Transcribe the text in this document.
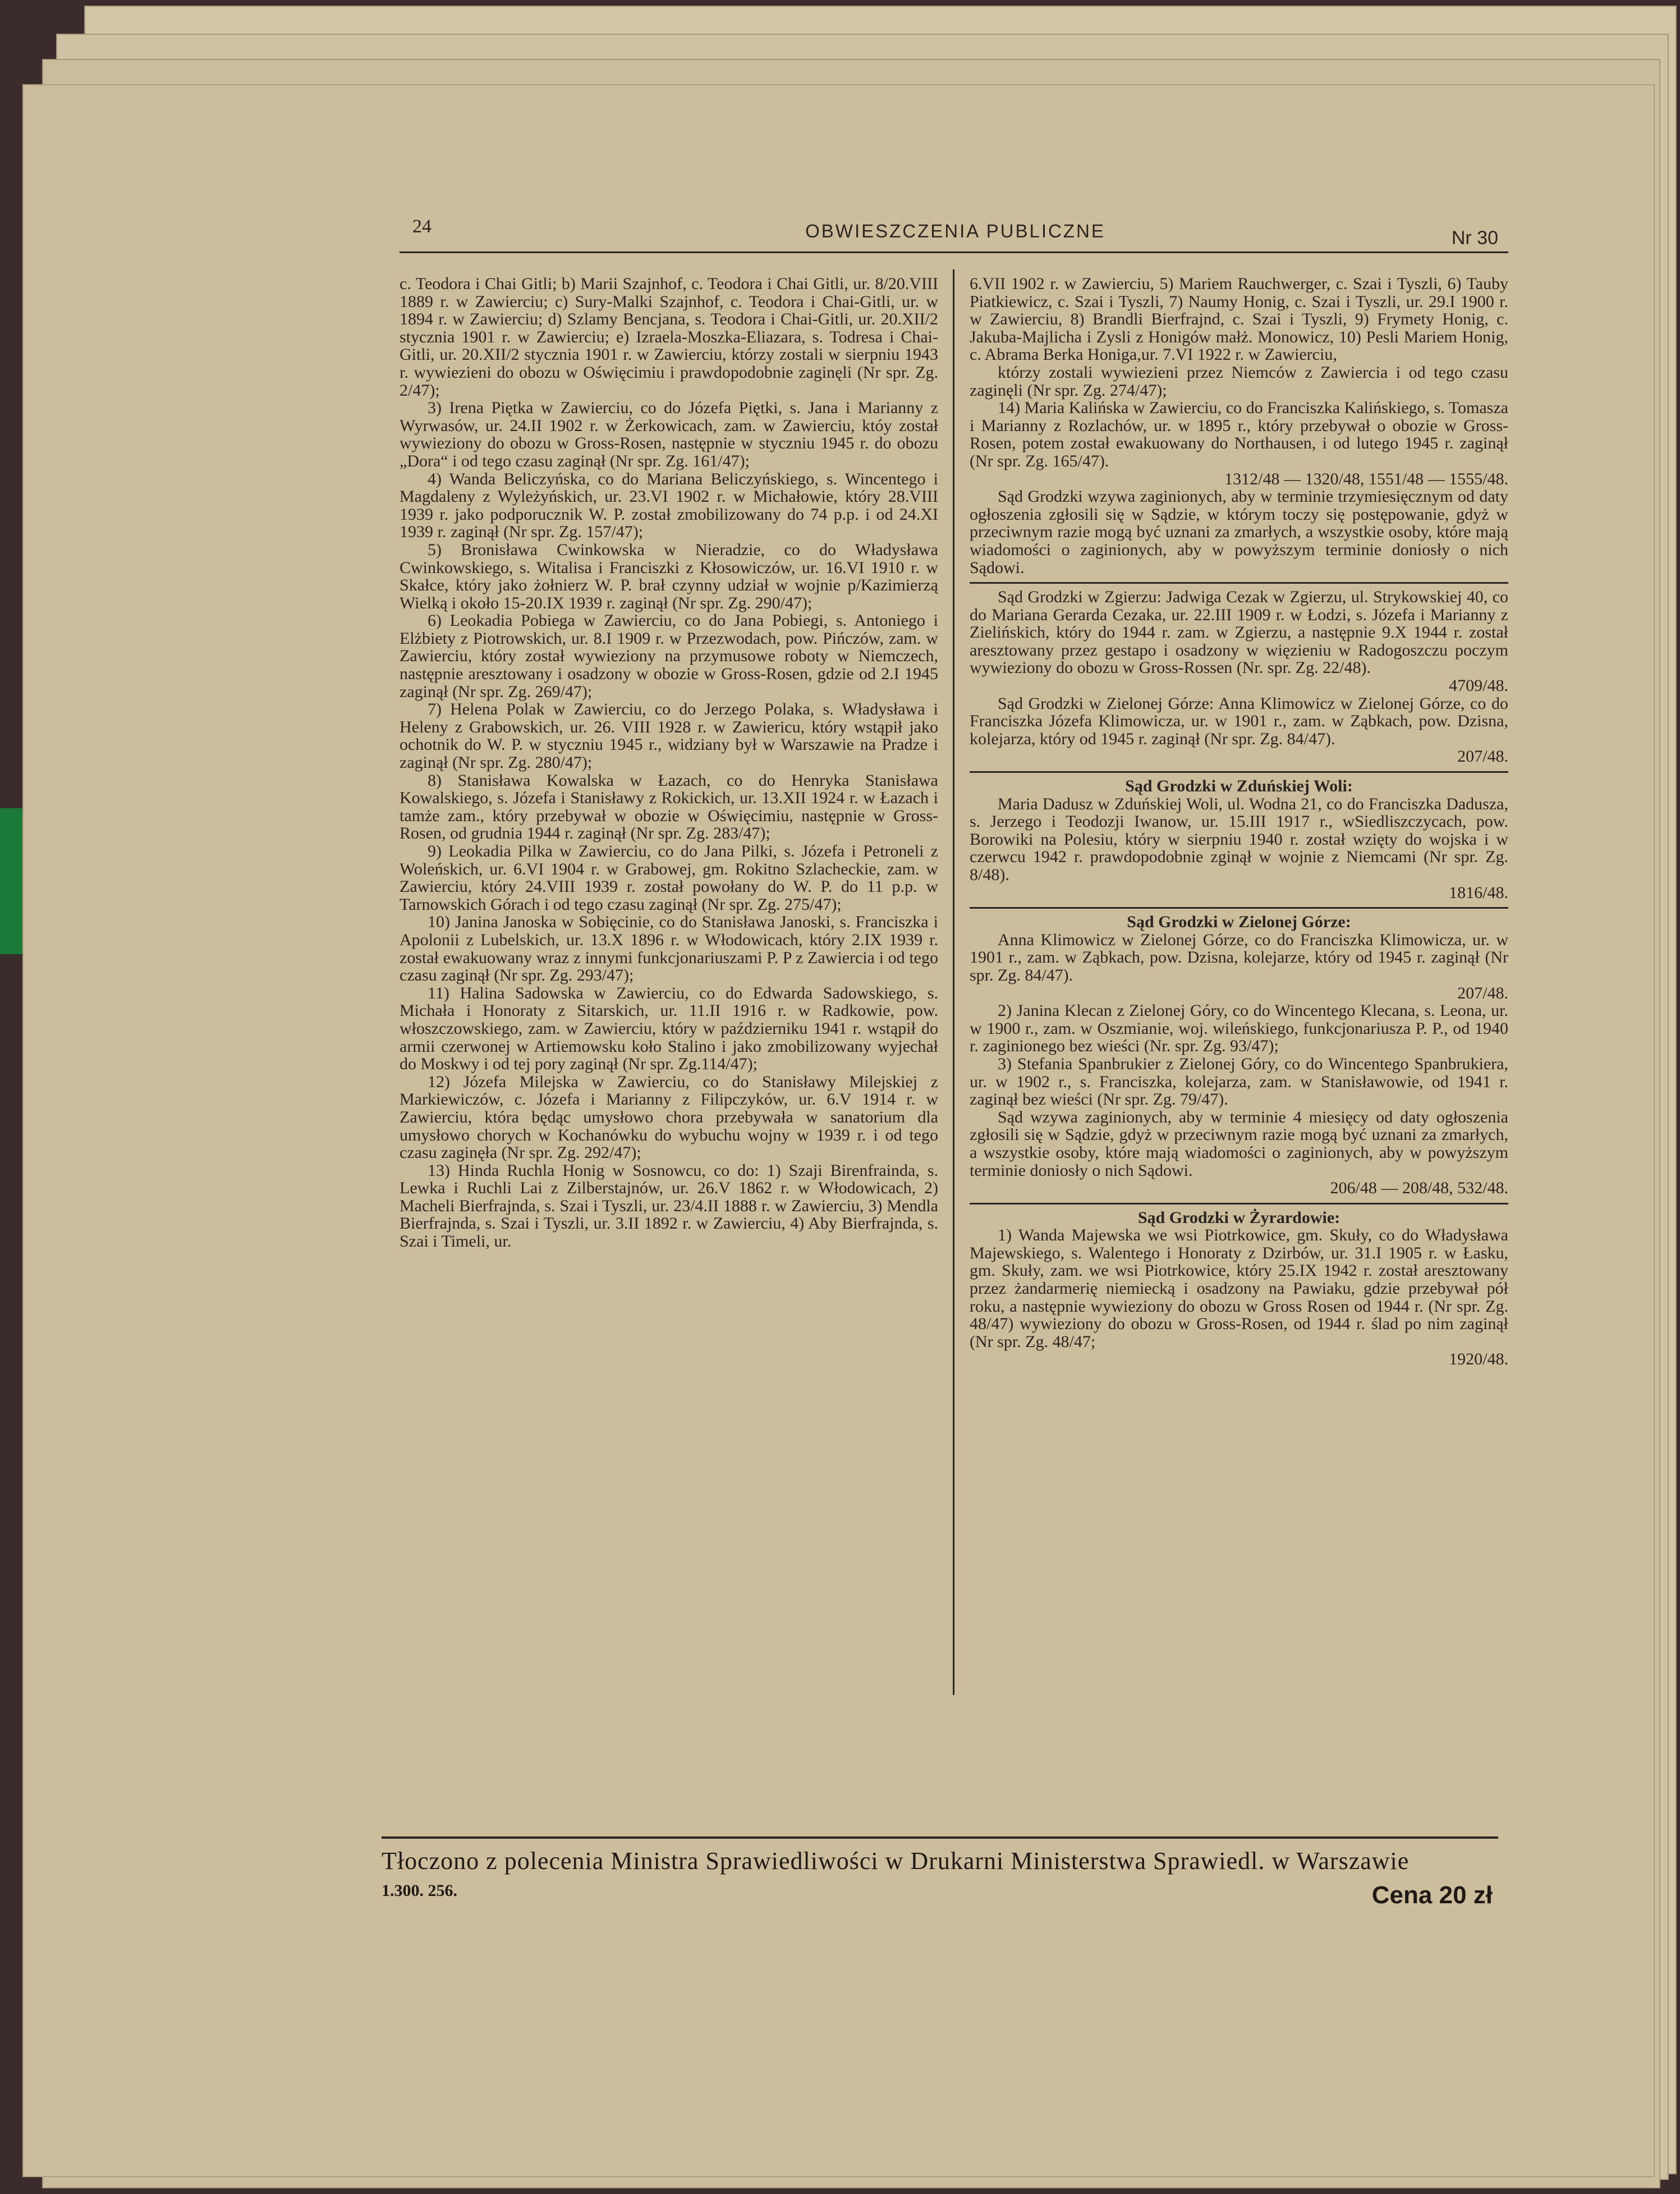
24	OBWIESZCZENIA PUBLICZNE	Nr 30

c. Teodora i Chai Gitli; b) Marii Szajnhof, c. Teodora i Chai Gitli, ur. 8/20.VIII 1889 r. w Zawierciu; c) Sury-Malki Szajnhof, c. Teodora i Chai-Gitli, ur. w 1894 r. w Zawierciu; d) Szlamy Bencjana, s. Teodora i Chai-Gitli, ur. 20.XII/2 stycznia 1901 r. w Zawierciu; e) Izraela-Moszka-Eliazara, s. Todresa i Chai-Gitli, ur. 20.XII/2 stycznia 1901 r. w Zawierciu, którzy zostali w sierpniu 1943 r. wywiezieni do obozu w Oświęcimiu i prawdopodobnie zaginęli (Nr spr. Zg. 2/47);

3) Irena Piętka w Zawierciu, co do Józefa Piętki, s. Jana i Marianny z Wyrwasów, ur. 24.II 1902 r. w Żerkowicach, zam. w Zawierciu, któy został wywieziony do obozu w Gross-Rosen, następnie w styczniu 1945 r. do obozu „Dora“ i od tego czasu zaginął (Nr spr. Zg. 161/47);

4) Wanda Beliczyńska, co do Mariana Beliczyńskiego, s. Wincentego i Magdaleny z Wyleżyńskich, ur. 23.VI 1902 r. w Michałowie, który 28.VIII 1939 r. jako podporucznik W. P. został zmobilizowany do 74 p.p. i od 24.XI 1939 r. zaginął (Nr spr. Zg. 157/47);

5) Bronisława Cwinkowska w Nieradzie, co do Władysława Cwinkowskiego, s. Witalisa i Franciszki z Kłosowiczów, ur. 16.VI 1910 r. w Skałce, który jako żołnierz W. P. brał czynny udział w wojnie p/Kazimierzą Wielką i około 15-20.IX 1939 r. zaginął (Nr spr. Zg. 290/47);

6) Leokadia Pobiega w Zawierciu, co do Jana Pobiegi, s. Antoniego i Elżbiety z Piotrowskich, ur. 8.I 1909 r. w Przezwodach, pow. Pińczów, zam. w Zawierciu, który został wywieziony na przymusowe roboty w Niemczech, następnie aresztowany i osadzony w obozie w Gross-Rosen, gdzie od 2.I 1945 zaginął (Nr spr. Zg. 269/47);

7) Helena Polak w Zawierciu, co do Jerzego Polaka, s. Władysława i Heleny z Grabowskich, ur. 26. VIII 1928 r. w Zawiericu, który wstąpił jako ochotnik do W. P. w styczniu 1945 r., widziany był w Warszawie na Pradze i zaginął (Nr spr. Zg. 280/47);

8) Stanisława Kowalska w Łazach, co do Henryka Stanisława Kowalskiego, s. Józefa i Stanisławy z Rokickich, ur. 13.XII 1924 r. w Łazach i tamże zam., który przebywał w obozie w Oświęcimiu, następnie w Gross-Rosen, od grudnia 1944 r. zaginął (Nr spr. Zg. 283/47);

9) Leokadia Pilka w Zawierciu, co do Jana Pilki, s. Józefa i Petroneli z Woleńskich, ur. 6.VI 1904 r. w Grabowej, gm. Rokitno Szlacheckie, zam. w Zawierciu, który 24.VIII 1939 r. został powołany do W. P. do 11 p.p. w Tarnowskich Górach i od tego czasu zaginął (Nr spr. Zg. 275/47);

10) Janina Janoska w Sobięcinie, co do Stanisława Janoski, s. Franciszka i Apolonii z Lubelskich, ur. 13.X 1896 r. w Włodowicach, który 2.IX 1939 r. został ewakuowany wraz z innymi funkcjonariuszami P. P z Zawiercia i od tego czasu zaginął (Nr spr. Zg. 293/47);

11) Halina Sadowska w Zawierciu, co do Edwarda Sadowskiego, s. Michała i Honoraty z Sitarskich, ur. 11.II 1916 r. w Radkowie, pow. włoszczowskiego, zam. w Zawierciu, który w październiku 1941 r. wstąpił do armii czerwonej w Artiemowsku koło Stalino i jako zmobilizowany wyjechał do Moskwy i od tej pory zaginął (Nr spr. Zg.114/47);

12) Józefa Milejska w Zawierciu, co do Stanisławy Milejskiej z Markiewiczów, c. Józefa i Marianny z Filipczyków, ur. 6.V 1914 r. w Zawierciu, która będąc umysłowo chora przebywała w sanatorium dla umysłowo chorych w Kochanówku do wybuchu wojny w 1939 r. i od tego czasu zaginęła (Nr spr. Zg. 292/47);

13) Hinda Ruchla Honig w Sosnowcu, co do: 1) Szaji Birenfrainda, s. Lewka i Ruchli Lai z Zilberstajnów, ur. 26.V 1862 r. w Włodowicach, 2) Macheli Bierfrajnda, s. Szai i Tyszli, ur. 23/4.II 1888 r. w Zawierciu, 3) Mendla Bierfrajnda, s. Szai i Tyszli, ur. 3.II 1892 r. w Zawierciu, 4) Aby Bierfrajnda, s. Szai i Timeli, ur.

6.VII 1902 r. w Zawierciu, 5) Mariem Rauchwerger, c. Szai i Tyszli, 6) Tauby Piatkiewicz, c. Szai i Tyszli, 7) Naumy Honig, c. Szai i Tyszli, ur. 29.I 1900 r. w Zawierciu, 8) Brandli Bierfrajnd, c. Szai i Tyszli, 9) Frymety Honig, c. Jakuba-Majlicha i Zysli z Honigów małż. Monowicz, 10) Pesli Mariem Honig, c. Abrama Berka Honiga,ur. 7.VI 1922 r. w Zawierciu,

którzy zostali wywiezieni przez Niemców z Zawiercia i od tego czasu zaginęli (Nr spr. Zg. 274/47);

14) Maria Kalińska w Zawierciu, co do Franciszka Kalińskiego, s. Tomasza i Marianny z Rozlachów, ur. w 1895 r., który przebywał o obozie w Gross-Rosen, potem został ewakuowany do Northausen, i od lutego 1945 r. zaginął (Nr spr. Zg. 165/47).

1312/48 — 1320/48, 1551/48 — 1555/48.

Sąd Grodzki wzywa zaginionych, aby w terminie trzymiesięcznym od daty ogłoszenia zgłosili się w Sądzie, w którym toczy się postępowanie, gdyż w przeciwnym razie mogą być uznani za zmarłych, a wszystkie osoby, które mają wiadomości o zaginionych, aby w powyższym terminie doniosły o nich Sądowi.

Sąd Grodzki w Zgierzu: Jadwiga Cezak w Zgierzu, ul. Strykowskiej 40, co do Mariana Gerarda Cezaka, ur. 22.III 1909 r. w Łodzi, s. Józefa i Marianny z Zielińskich, który do 1944 r. zam. w Zgierzu, a następnie 9.X 1944 r. został aresztowany przez gestapo i osadzony w więzieniu w Radogoszczu poczym wywieziony do obozu w Gross-Rossen (Nr. spr. Zg. 22/48).

4709/48.

Sąd Grodzki w Zielonej Górze: Anna Klimowicz w Zielonej Górze, co do Franciszka Józefa Klimowicza, ur. w 1901 r., zam. w Ząbkach, pow. Dzisna, kolejarza, który od 1945 r. zaginął (Nr spr. Zg. 84/47).

207/48.

Sąd Grodzki w Zduńskiej Woli:

Maria Dadusz w Zduńskiej Woli, ul. Wodna 21, co do Franciszka Dadusza, s. Jerzego i Teodozji Iwanow, ur. 15.III 1917 r., wSiedliszczycach, pow. Borowiki na Polesiu, który w sierpniu 1940 r. został wzięty do wojska i w czerwcu 1942 r. prawdopodobnie zginął w wojnie z Niemcami (Nr spr. Zg. 8/48).

1816/48.

Sąd Grodzki w Zielonej Górze:

Anna Klimowicz w Zielonej Górze, co do Franciszka Klimowicza, ur. w 1901 r., zam. w Ząbkach, pow. Dzisna, kolejarze, który od 1945 r. zaginął (Nr spr. Zg. 84/47).

207/48.

2) Janina Klecan z Zielonej Góry, co do Wincentego Klecana, s. Leona, ur. w 1900 r., zam. w Oszmianie, woj. wileńskiego, funkcjonariusza P. P., od 1940 r. zaginionego bez wieści (Nr. spr. Zg. 93/47);

3) Stefania Spanbrukier z Zielonej Góry, co do Wincentego Spanbrukiera, ur. w 1902 r., s. Franciszka, kolejarza, zam. w Stanisławowie, od 1941 r. zaginął bez wieści (Nr spr. Zg. 79/47).

Sąd wzywa zaginionych, aby w terminie 4 miesięcy od daty ogłoszenia zgłosili się w Sądzie, gdyż w przeciwnym razie mogą być uznani za zmarłych, a wszystkie osoby, które mają wiadomości o zaginionych, aby w powyższym terminie doniosły o nich Sądowi.

206/48 — 208/48, 532/48.

Sąd Grodzki w Żyrardowie:

1) Wanda Majewska we wsi Piotrkowice, gm. Skuły, co do Władysława Majewskiego, s. Walentego i Honoraty z Dzirbów, ur. 31.I 1905 r. w Łasku, gm. Skuły, zam. we wsi Piotrkowice, który 25.IX 1942 r. został aresztowany przez żandarmerię niemiecką i osadzony na Pawiaku, gdzie przebywał pół roku, a następnie wywieziony do obozu w Gross Rosen od 1944 r. (Nr spr. Zg. 48/47) wywieziony do obozu w Gross-Rosen, od 1944 r. ślad po nim zaginął (Nr spr. Zg. 48/47;

1920/48.

Tłoczono z polecenia Ministra Sprawiedliwości w Drukarni Ministerstwa Sprawiedl. w Warszawie
1.300. 256.	Cena 20 zł
